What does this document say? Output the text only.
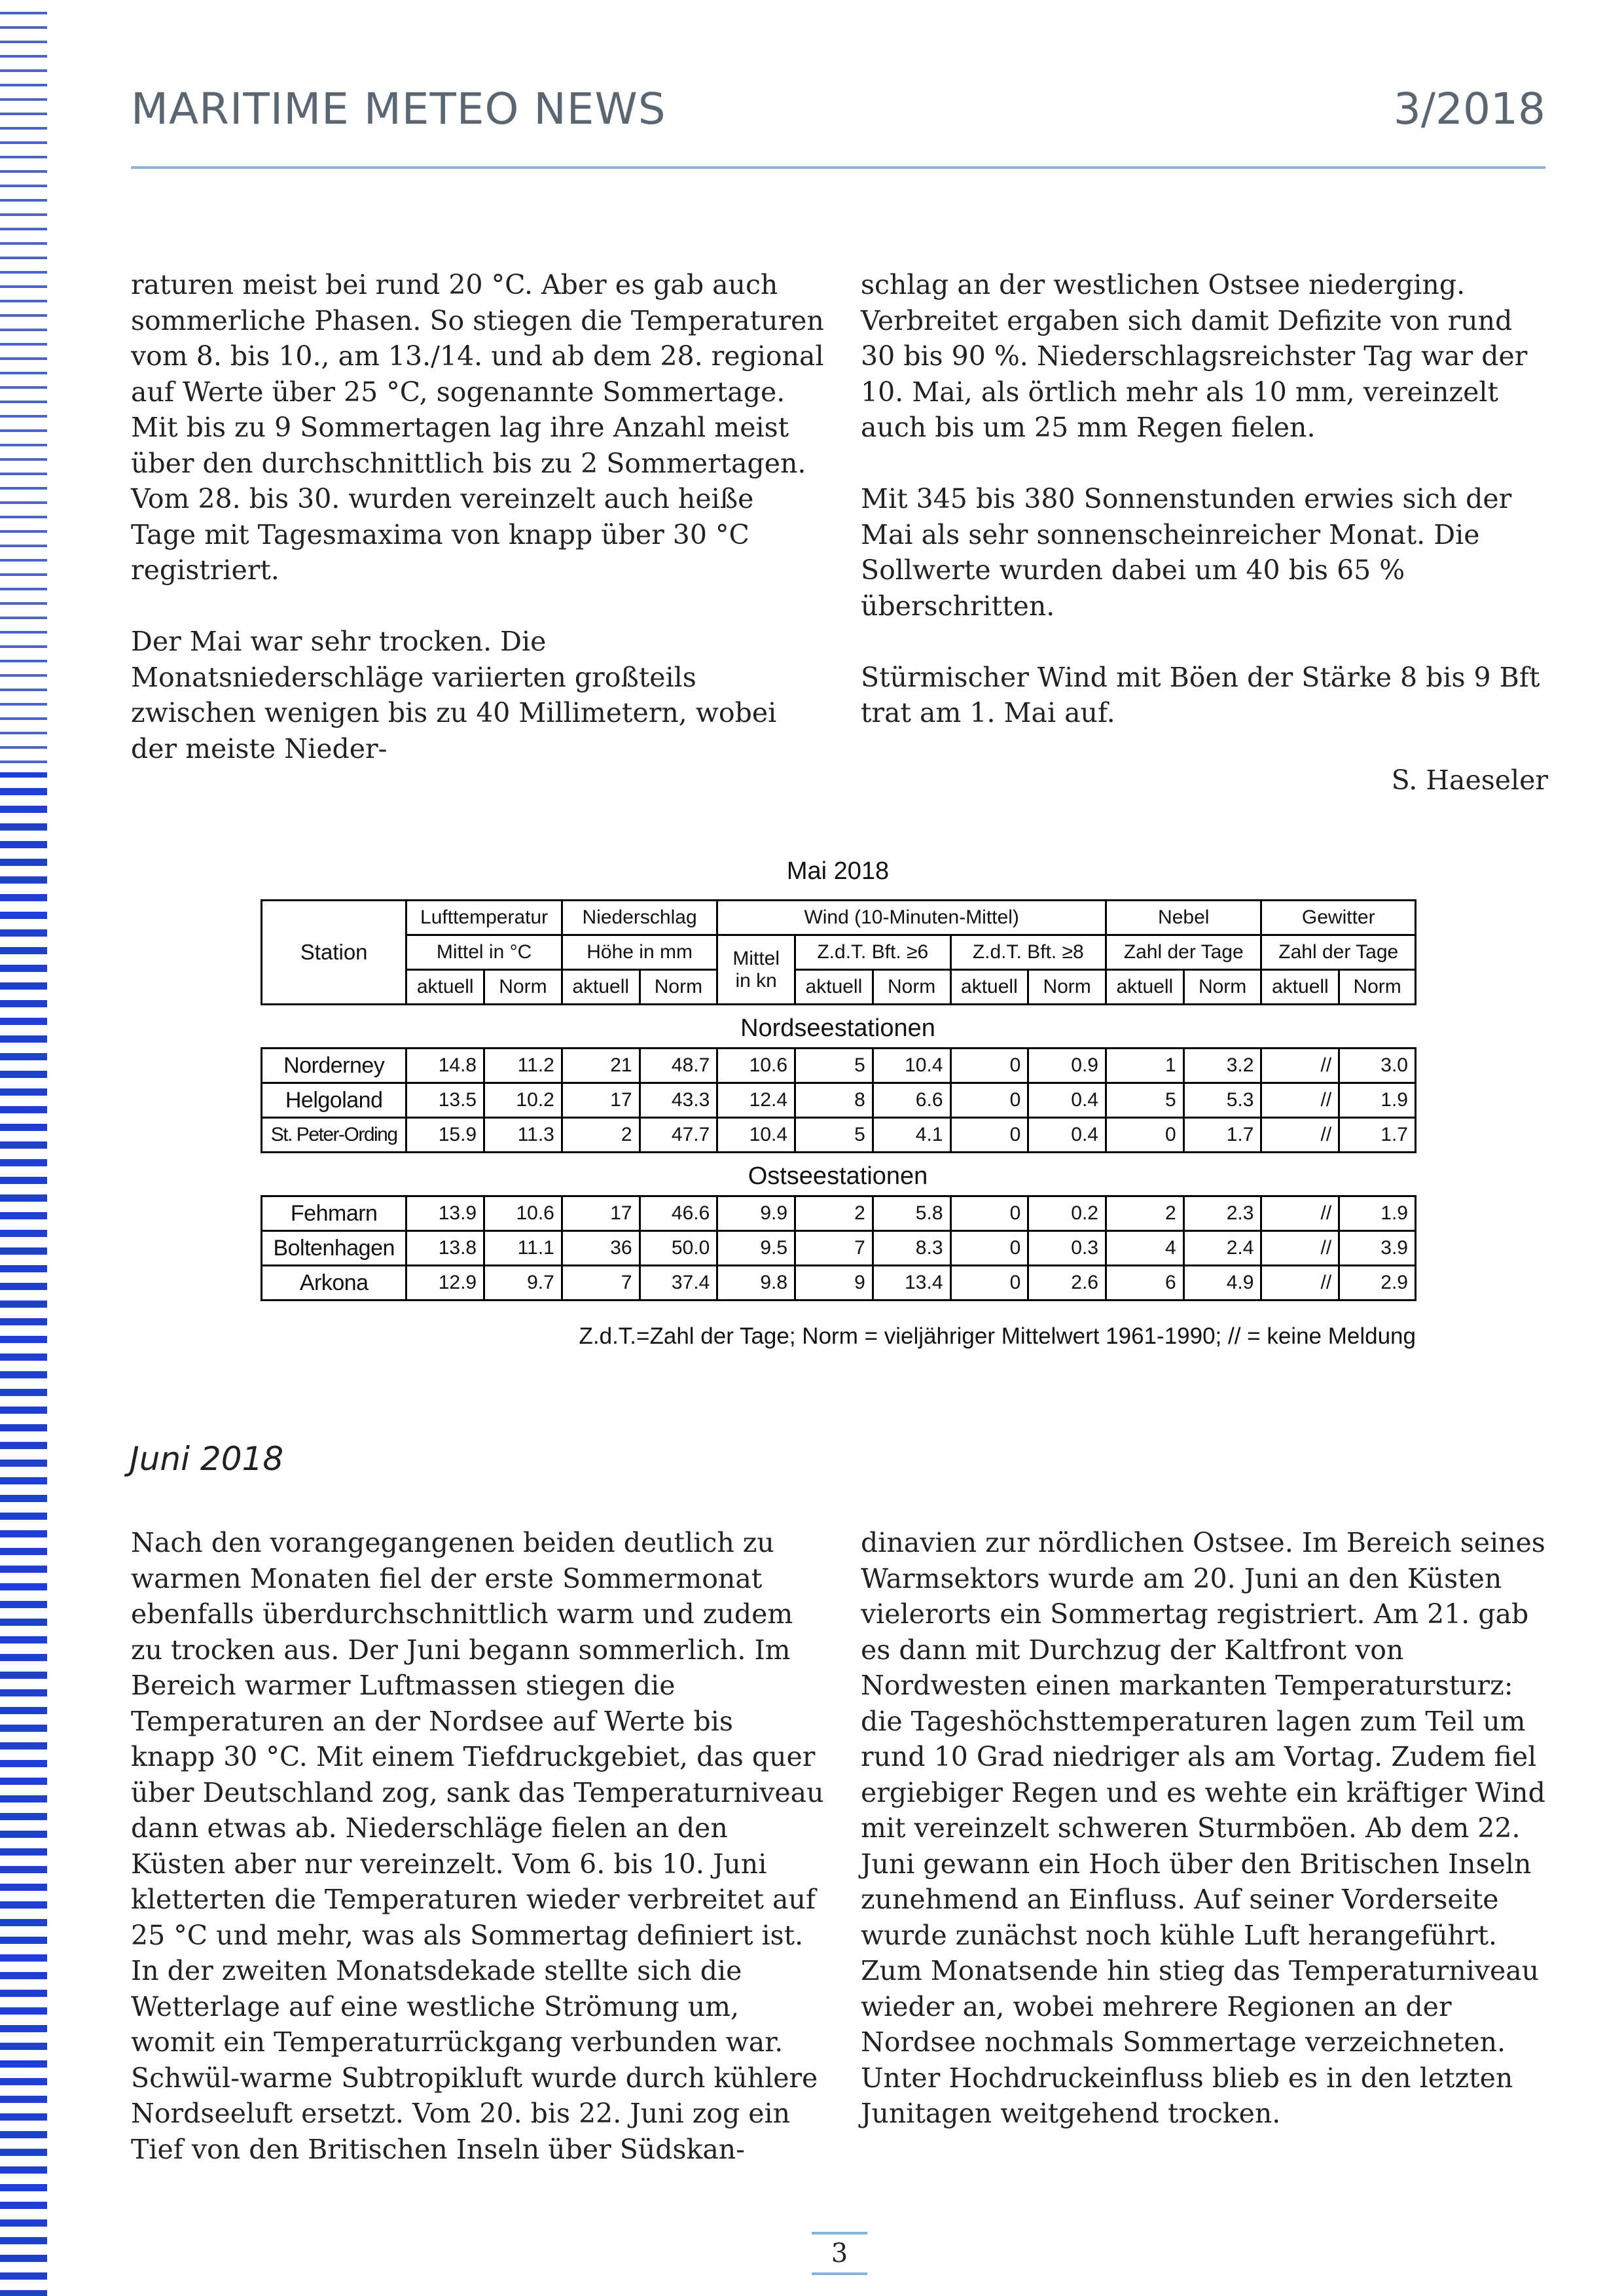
MARITIME METEO NEWS	3/2018

raturen meist bei rund 20 °C. Aber es gab auch sommerliche Phasen. So stiegen die Temperaturen vom 8. bis 10., am 13./14. und ab dem 28. regional auf Werte über 25 °C, sogenannte Sommertage. Mit bis zu 9 Sommertagen lag ihre Anzahl meist über den durchschnittlich bis zu 2 Sommertagen. Vom 28. bis 30. wurden vereinzelt auch heiße Tage mit Tagesmaxima von knapp über 30 °C registriert.

Der Mai war sehr trocken. Die Monatsniederschläge variierten großteils zwischen wenigen bis zu 40 Millimetern, wobei der meiste Nieder-

schlag an der westlichen Ostsee niederging. Verbreitet ergaben sich damit Defizite von rund 30 bis 90 %. Niederschlagsreichster Tag war der 10. Mai, als örtlich mehr als 10 mm, vereinzelt auch bis um 25 mm Regen fielen.

Mit 345 bis 380 Sonnenstunden erwies sich der Mai als sehr sonnenscheinreicher Monat. Die Sollwerte wurden dabei um 40 bis 65 % überschritten.

Stürmischer Wind mit Böen der Stärke 8 bis 9 Bft trat am 1. Mai auf.

S. Haeseler
Mai 2018
Station	Lufttemperatur		Niederschlag		Wind (10-Minuten-Mittel)					Nebel		Gewitter	
	Mittel in °C		Höhe in mm		Mittel
in kn	Z.d.T. Bft. ≥6		Z.d.T. Bft. ≥8		Zahl der Tage		Zahl der Tage	
	aktuell	Norm	aktuell	Norm		aktuell	Norm	aktuell	Norm	aktuell	Norm	aktuell	Norm
Nordseestationen
Norderney	14.8	11.2	21	48.7	10.6	5	10.4	0	0.9	1	3.2	//	3.0
Helgoland	13.5	10.2	17	43.3	12.4	8	6.6	0	0.4	5	5.3	//	1.9
St. Peter-Ording	15.9	11.3	2	47.7	10.4	5	4.1	0	0.4	0	1.7	//	1.7
Ostseestationen
Fehmarn	13.9	10.6	17	46.6	9.9	2	5.8	0	0.2	2	2.3	//	1.9
Boltenhagen	13.8	11.1	36	50.0	9.5	7	8.3	0	0.3	4	2.4	//	3.9
Arkona	12.9	9.7	7	37.4	9.8	9	13.4	0	2.6	6	4.9	//	2.9
Z.d.T.=Zahl der Tage; Norm = vieljähriger Mittelwert 1961-1990; // = keine Meldung
Juni 2018

Nach den vorangegangenen beiden deutlich zu warmen Monaten fiel der erste Sommermonat ebenfalls überdurchschnittlich warm und zudem zu trocken aus. Der Juni begann sommerlich. Im Bereich warmer Luftmassen stiegen die Temperaturen an der Nordsee auf Werte bis knapp 30 °C. Mit einem Tiefdruckgebiet, das quer über Deutschland zog, sank das Temperaturniveau dann etwas ab. Niederschläge fielen an den Küsten aber nur vereinzelt. Vom 6. bis 10. Juni kletterten die Temperaturen wieder verbreitet auf 25 °C und mehr, was als Sommertag definiert ist. In der zweiten Monatsdekade stellte sich die Wetterlage auf eine westliche Strömung um, womit ein Temperaturrückgang verbunden war. Schwül-warme Subtropikluft wurde durch kühlere Nordseeluft ersetzt. Vom 20. bis 22. Juni zog ein Tief von den Britischen Inseln über Südskan-

dinavien zur nördlichen Ostsee. Im Bereich seines Warmsektors wurde am 20. Juni an den Küsten vielerorts ein Sommertag registriert. Am 21. gab es dann mit Durchzug der Kaltfront von Nordwesten einen markanten Temperatursturz: die Tageshöchsttemperaturen lagen zum Teil um rund 10 Grad niedriger als am Vortag. Zudem fiel ergiebiger Regen und es wehte ein kräftiger Wind mit vereinzelt schweren Sturmböen. Ab dem 22. Juni gewann ein Hoch über den Britischen Inseln zunehmend an Einfluss. Auf seiner Vorderseite wurde zunächst noch kühle Luft herangeführt. Zum Monatsende hin stieg das Temperaturniveau wieder an, wobei mehrere Regionen an der Nordsee nochmals Sommertage verzeichneten. Unter Hochdruckeinfluss blieb es in den letzten Junitagen weitgehend trocken.

3
